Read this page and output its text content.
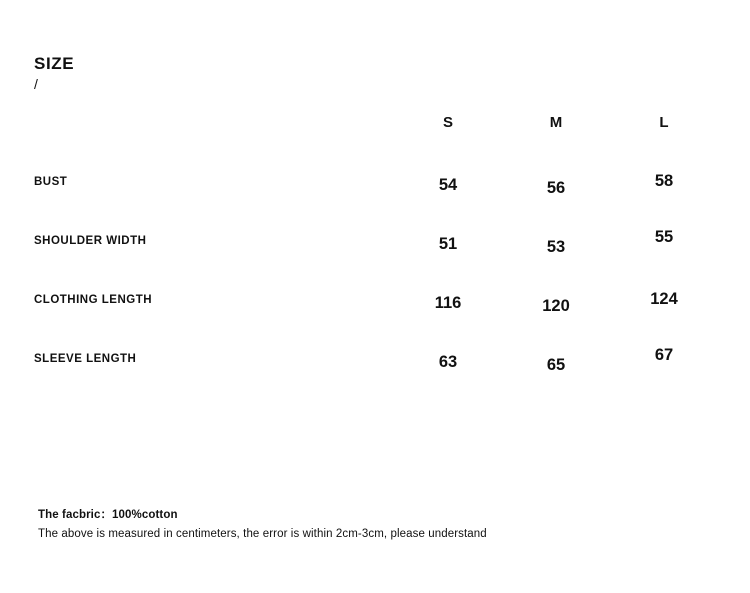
SIZE
/
	S	M	L
BUST	54	56	58
SHOULDER WIDTH	51	53	55
CLOTHING LENGTH	116	120	124
SLEEVE LENGTH	63	65	67
The facbric：100%cotton
The above is measured in centimeters, the error is within 2cm-3cm, please understand
